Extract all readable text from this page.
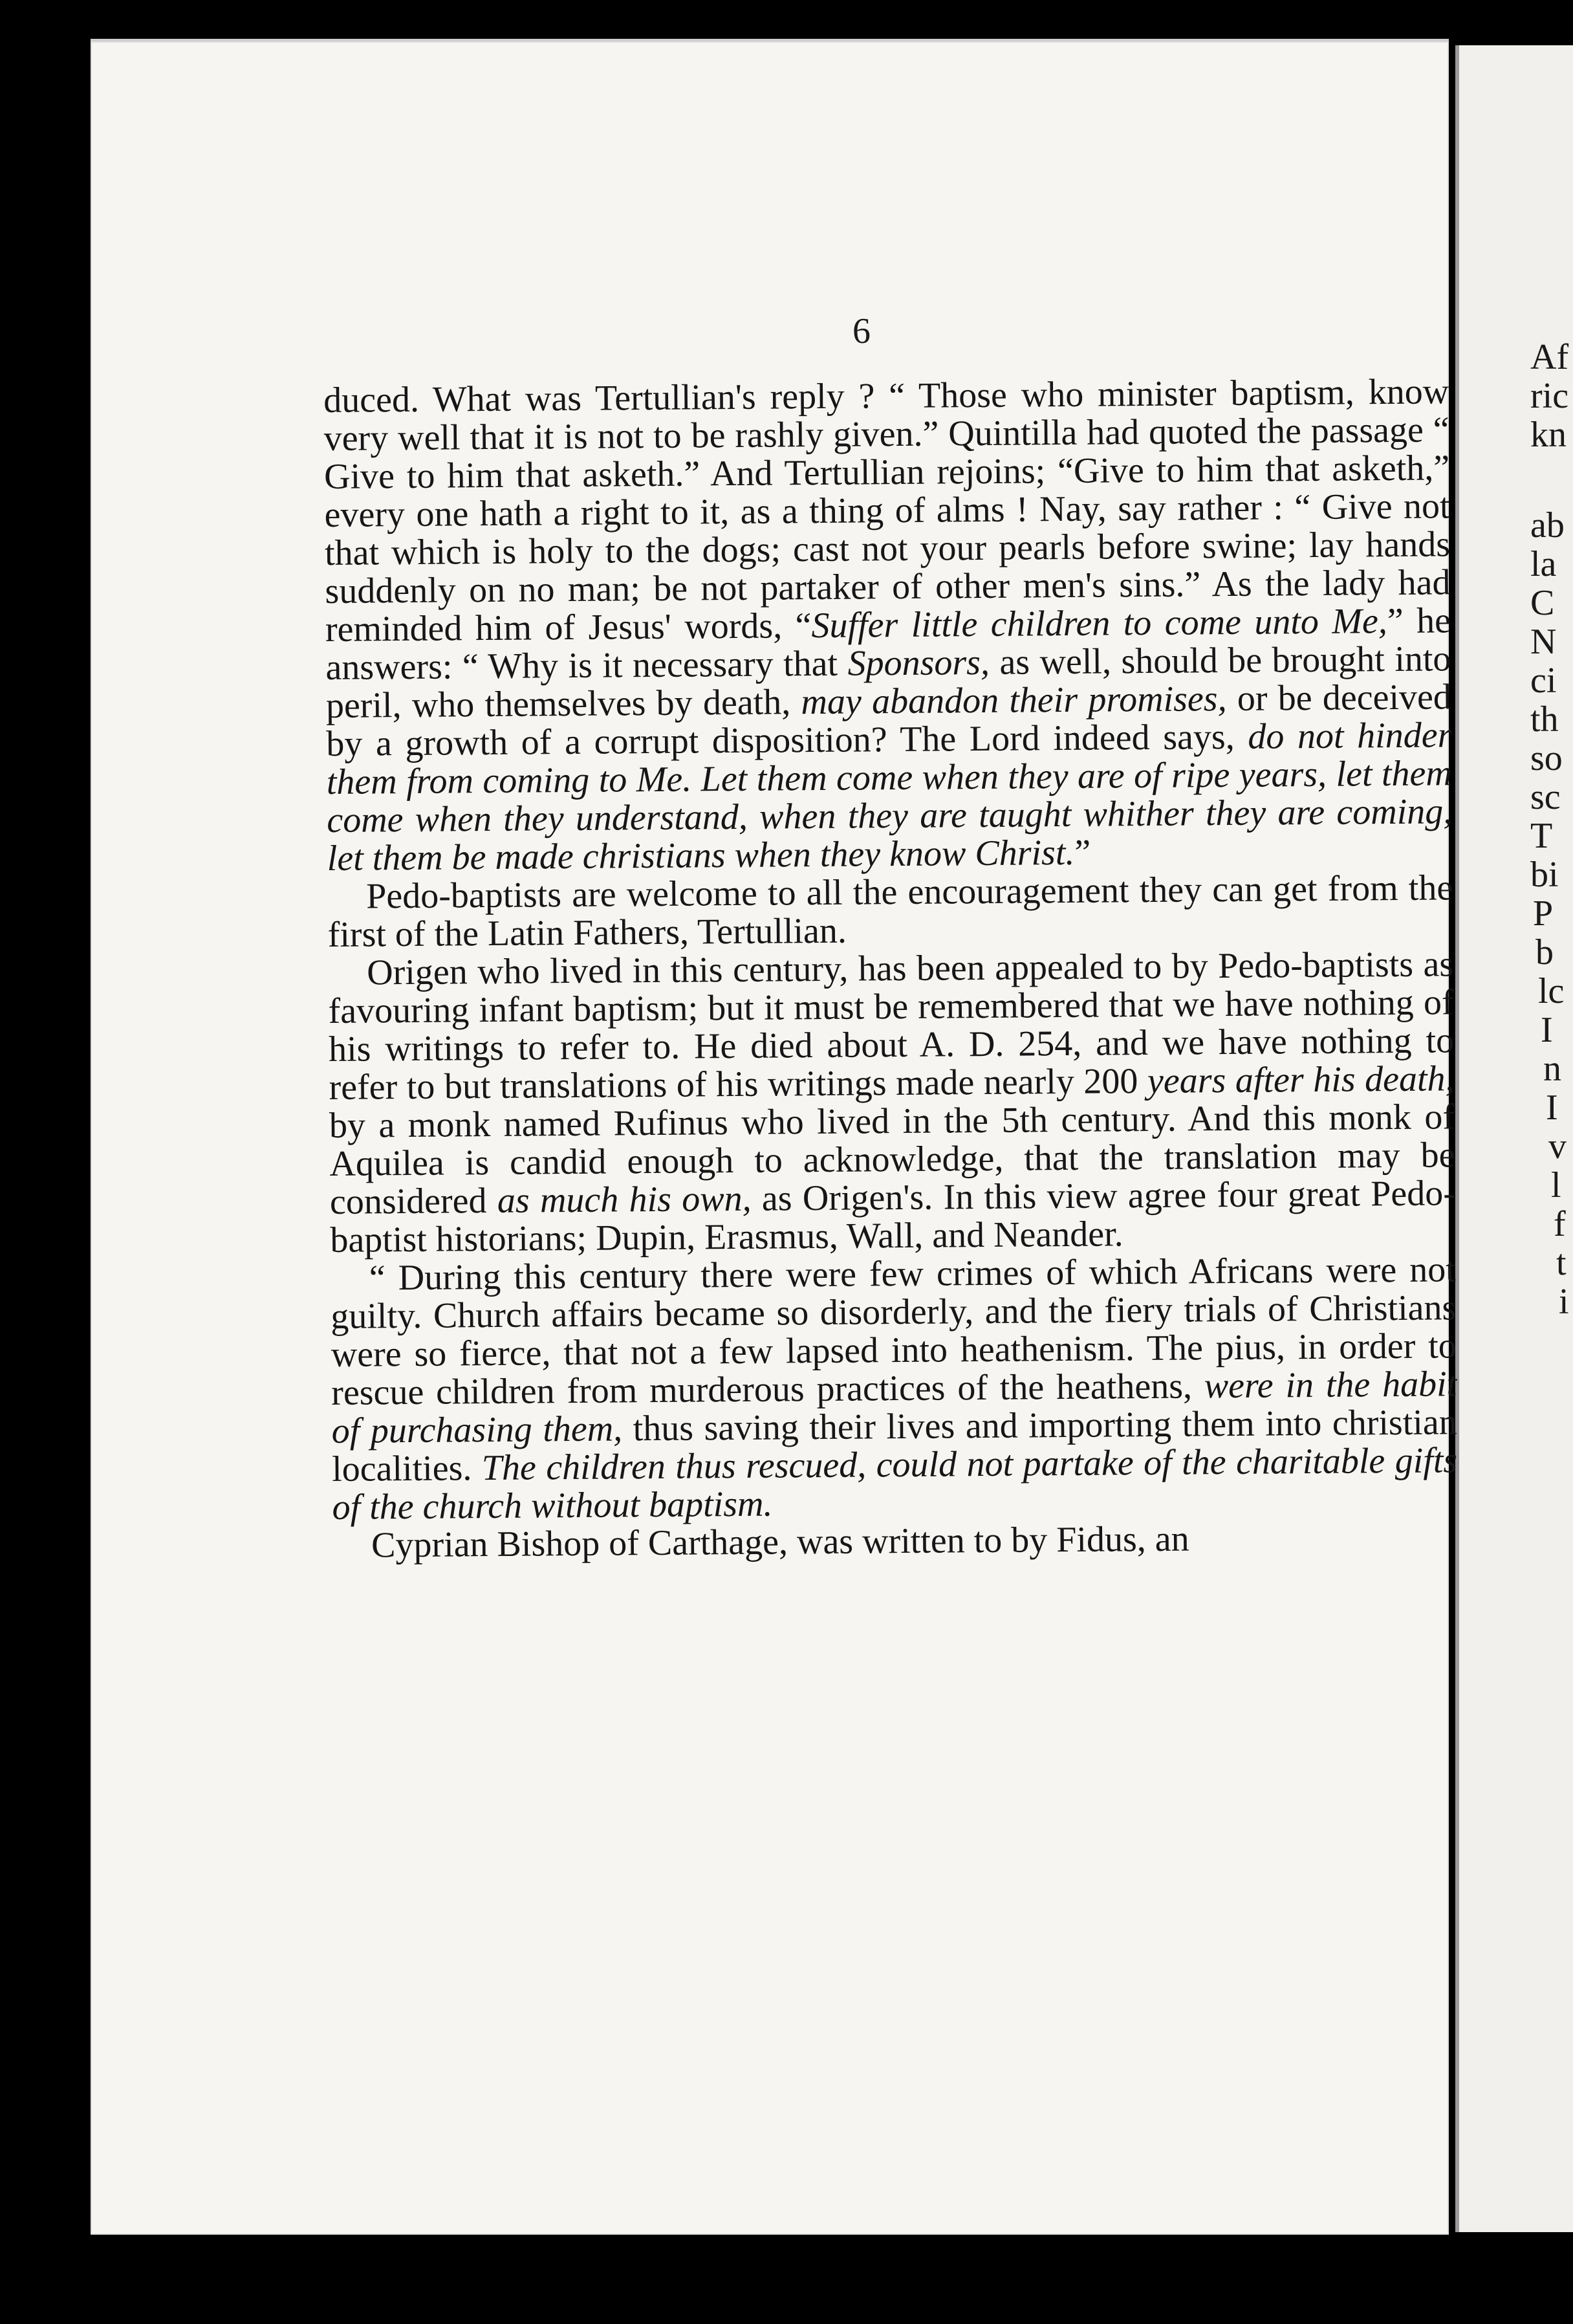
Af
ric
kn
ab
la
C
N
ci
th
so
sc
T
bi
P
b
lc
I
n
I
v
l
f
t
i
6

duced. What was Tertullian's reply ? “ Those who minister baptism, know very well that it is not to be rashly given.” Quintilla had quoted the passage “ Give to him that asketh.” And Tertullian rejoins; “Give to him that asketh,” every one hath a right to it, as a thing of alms ! Nay, say rather : “ Give not that which is holy to the dogs; cast not your pearls before swine; lay hands suddenly on no man; be not partaker of other men's sins.” As the lady had reminded him of Jesus' words, “Suffer little children to come unto Me,” he answers: “ Why is it necessary that Sponsors, as well, should be brought into peril, who themselves by death, may abandon their promises, or be deceived by a growth of a corrupt disposition? The Lord indeed says, do not hinder them from coming to Me. Let them come when they are of ripe years, let them come when they understand, when they are taught whither they are coming, let them be made christians when they know Christ.”

Pedo-baptists are welcome to all the encouragement they can get from the first of the Latin Fathers, Tertullian.

Origen who lived in this century, has been appealed to by Pedo-baptists as favouring infant baptism; but it must be remembered that we have nothing of his writings to refer to. He died about A. D. 254, and we have nothing to refer to but translations of his writings made nearly 200 years after his death, by a monk named Rufinus who lived in the 5th century. And this monk of Aquilea is candid enough to acknowledge, that the translation may be considered as much his own, as Origen's. In this view agree four great Pedo-baptist historians; Dupin, Erasmus, Wall, and Neander.

“ During this century there were few crimes of which Africans were not guilty. Church affairs became so disorderly, and the fiery trials of Christians were so fierce, that not a few lapsed into heathenism. The pius, in order to rescue children from murderous practices of the heathens, were in the habit of purchasing them, thus saving their lives and importing them into christian localities. The children thus rescued, could not partake of the charitable gifts of the church without baptism.

Cyprian Bishop of Carthage, was written to by Fidus, an
